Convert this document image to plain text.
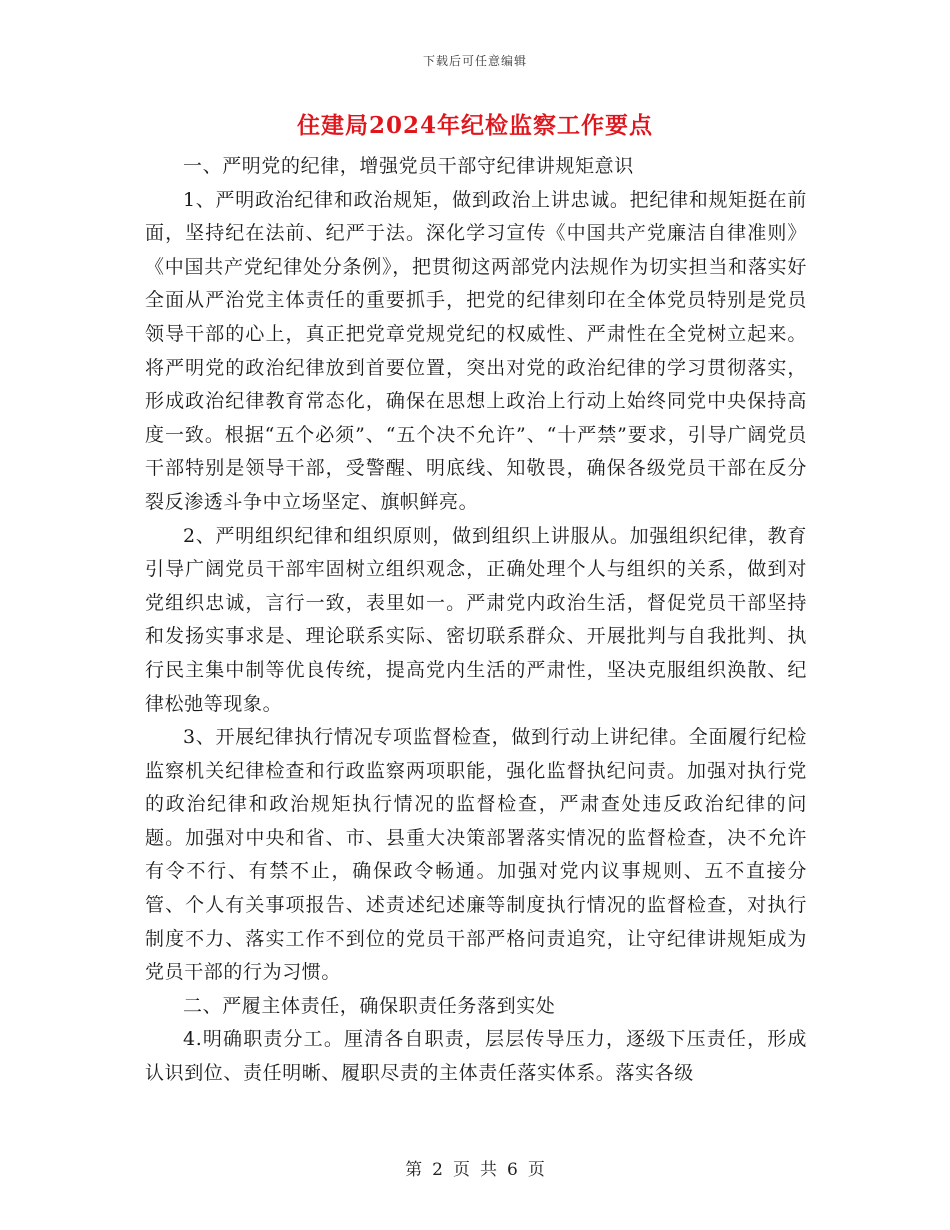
下载后可任意编辑
住建局2024年纪检监察工作要点

一、严明党的纪律，增强党员干部守纪律讲规矩意识

1、严明政治纪律和政治规矩，做到政治上讲忠诚。把纪律和规矩挺在前面，坚持纪在法前、纪严于法。深化学习宣传《中国共产党廉洁自律准则》《中国共产党纪律处分条例》，把贯彻这两部党内法规作为切实担当和落实好全面从严治党主体责任的重要抓手，把党的纪律刻印在全体党员特别是党员领导干部的心上，真正把党章党规党纪的权威性、严肃性在全党树立起来。将严明党的政治纪律放到首要位置，突出对党的政治纪律的学习贯彻落实，形成政治纪律教育常态化，确保在思想上政治上行动上始终同党中央保持高度一致。根据“五个必须”、“五个决不允许”、“十严禁”要求，引导广阔党员干部特别是领导干部，受警醒、明底线、知敬畏，确保各级党员干部在反分裂反渗透斗争中立场坚定、旗帜鲜亮。

2、严明组织纪律和组织原则，做到组织上讲服从。加强组织纪律，教育引导广阔党员干部牢固树立组织观念，正确处理个人与组织的关系，做到对党组织忠诚，言行一致，表里如一。严肃党内政治生活，督促党员干部坚持和发扬实事求是、理论联系实际、密切联系群众、开展批判与自我批判、执行民主集中制等优良传统，提高党内生活的严肃性，坚决克服组织涣散、纪律松弛等现象。

3、开展纪律执行情况专项监督检查，做到行动上讲纪律。全面履行纪检监察机关纪律检查和行政监察两项职能，强化监督执纪问责。加强对执行党的政治纪律和政治规矩执行情况的监督检查，严肃查处违反政治纪律的问题。加强对中央和省、市、县重大决策部署落实情况的监督检查，决不允许有令不行、有禁不止，确保政令畅通。加强对党内议事规则、五不直接分管、个人有关事项报告、述责述纪述廉等制度执行情况的监督检查，对执行制度不力、落实工作不到位的党员干部严格问责追究，让守纪律讲规矩成为党员干部的行为习惯。

二、严履主体责任，确保职责任务落到实处

4.明确职责分工。厘清各自职责，层层传导压力，逐级下压责任，形成认识到位、责任明晰、履职尽责的主体责任落实体系。落实各级

第 2 页 共 6 页
